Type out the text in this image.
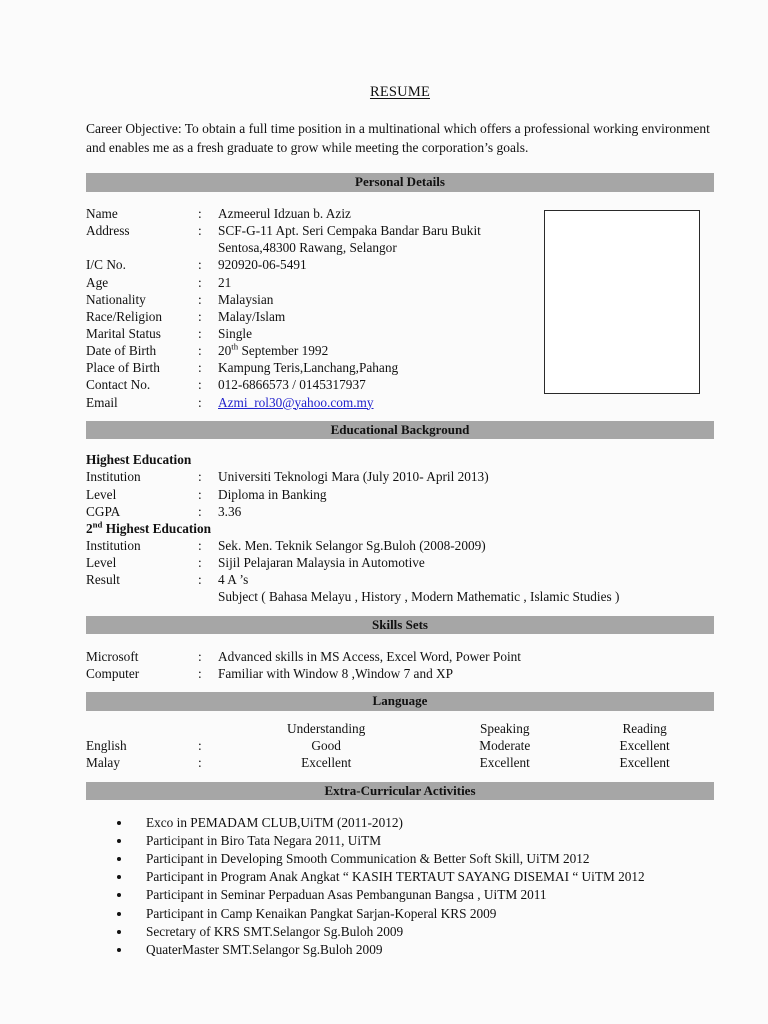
RESUME
Career Objective: To obtain a full time position in a multinational which offers a professional working environment and enables me as a fresh graduate to grow while meeting the corporation’s goals.
Personal Details
Name	:	Azmeerul Idzuan b. Aziz
Address	:	SCF-G-11 Apt. Seri Cempaka Bandar Baru Bukit
Sentosa,48300 Rawang, Selangor
I/C No.	:	920920-06-5491
Age	:	21
Nationality	:	Malaysian
Race/Religion	:	Malay/Islam
Marital Status	:	Single
Date of Birth	:	20th September 1992
Place of Birth	:	Kampung Teris,Lanchang,Pahang
Contact No.	:	012-6866573 / 0145317937
Email	:	Azmi_rol30@yahoo.com.my
Educational Background
Highest Education
Institution	:	Universiti Teknologi Mara (July 2010- April 2013)
Level	:	Diploma in Banking
CGPA	:	3.36
2nd Highest Education
Institution	:	Sek. Men. Teknik Selangor Sg.Buloh (2008-2009)
Level	:	Sijil Pelajaran Malaysia in Automotive
Result	:	4 A ’s
Subject ( Bahasa Melayu , History , Modern Mathematic , Islamic Studies )
Skills Sets
Microsoft	:	Advanced skills in MS Access, Excel Word, Power Point
Computer	:	Familiar with Window 8 ,Window 7 and XP
Language
		Understanding	Speaking	Reading
English	:	Good	Moderate	Excellent
Malay	:	Excellent	Excellent	Excellent
Extra-Curricular Activities
• Exco in PEMADAM CLUB,UiTM (2011-2012)
• Participant in Biro Tata Negara 2011, UiTM
• Participant in Developing Smooth Communication & Better Soft Skill, UiTM 2012
• Participant in Program Anak Angkat “ KASIH TERTAUT SAYANG DISEMAI “ UiTM 2012
• Participant in Seminar Perpaduan Asas Pembangunan Bangsa , UiTM 2011
• Participant in Camp Kenaikan Pangkat Sarjan-Koperal KRS 2009
• Secretary of KRS SMT.Selangor Sg.Buloh 2009
• QuaterMaster SMT.Selangor Sg.Buloh 2009
